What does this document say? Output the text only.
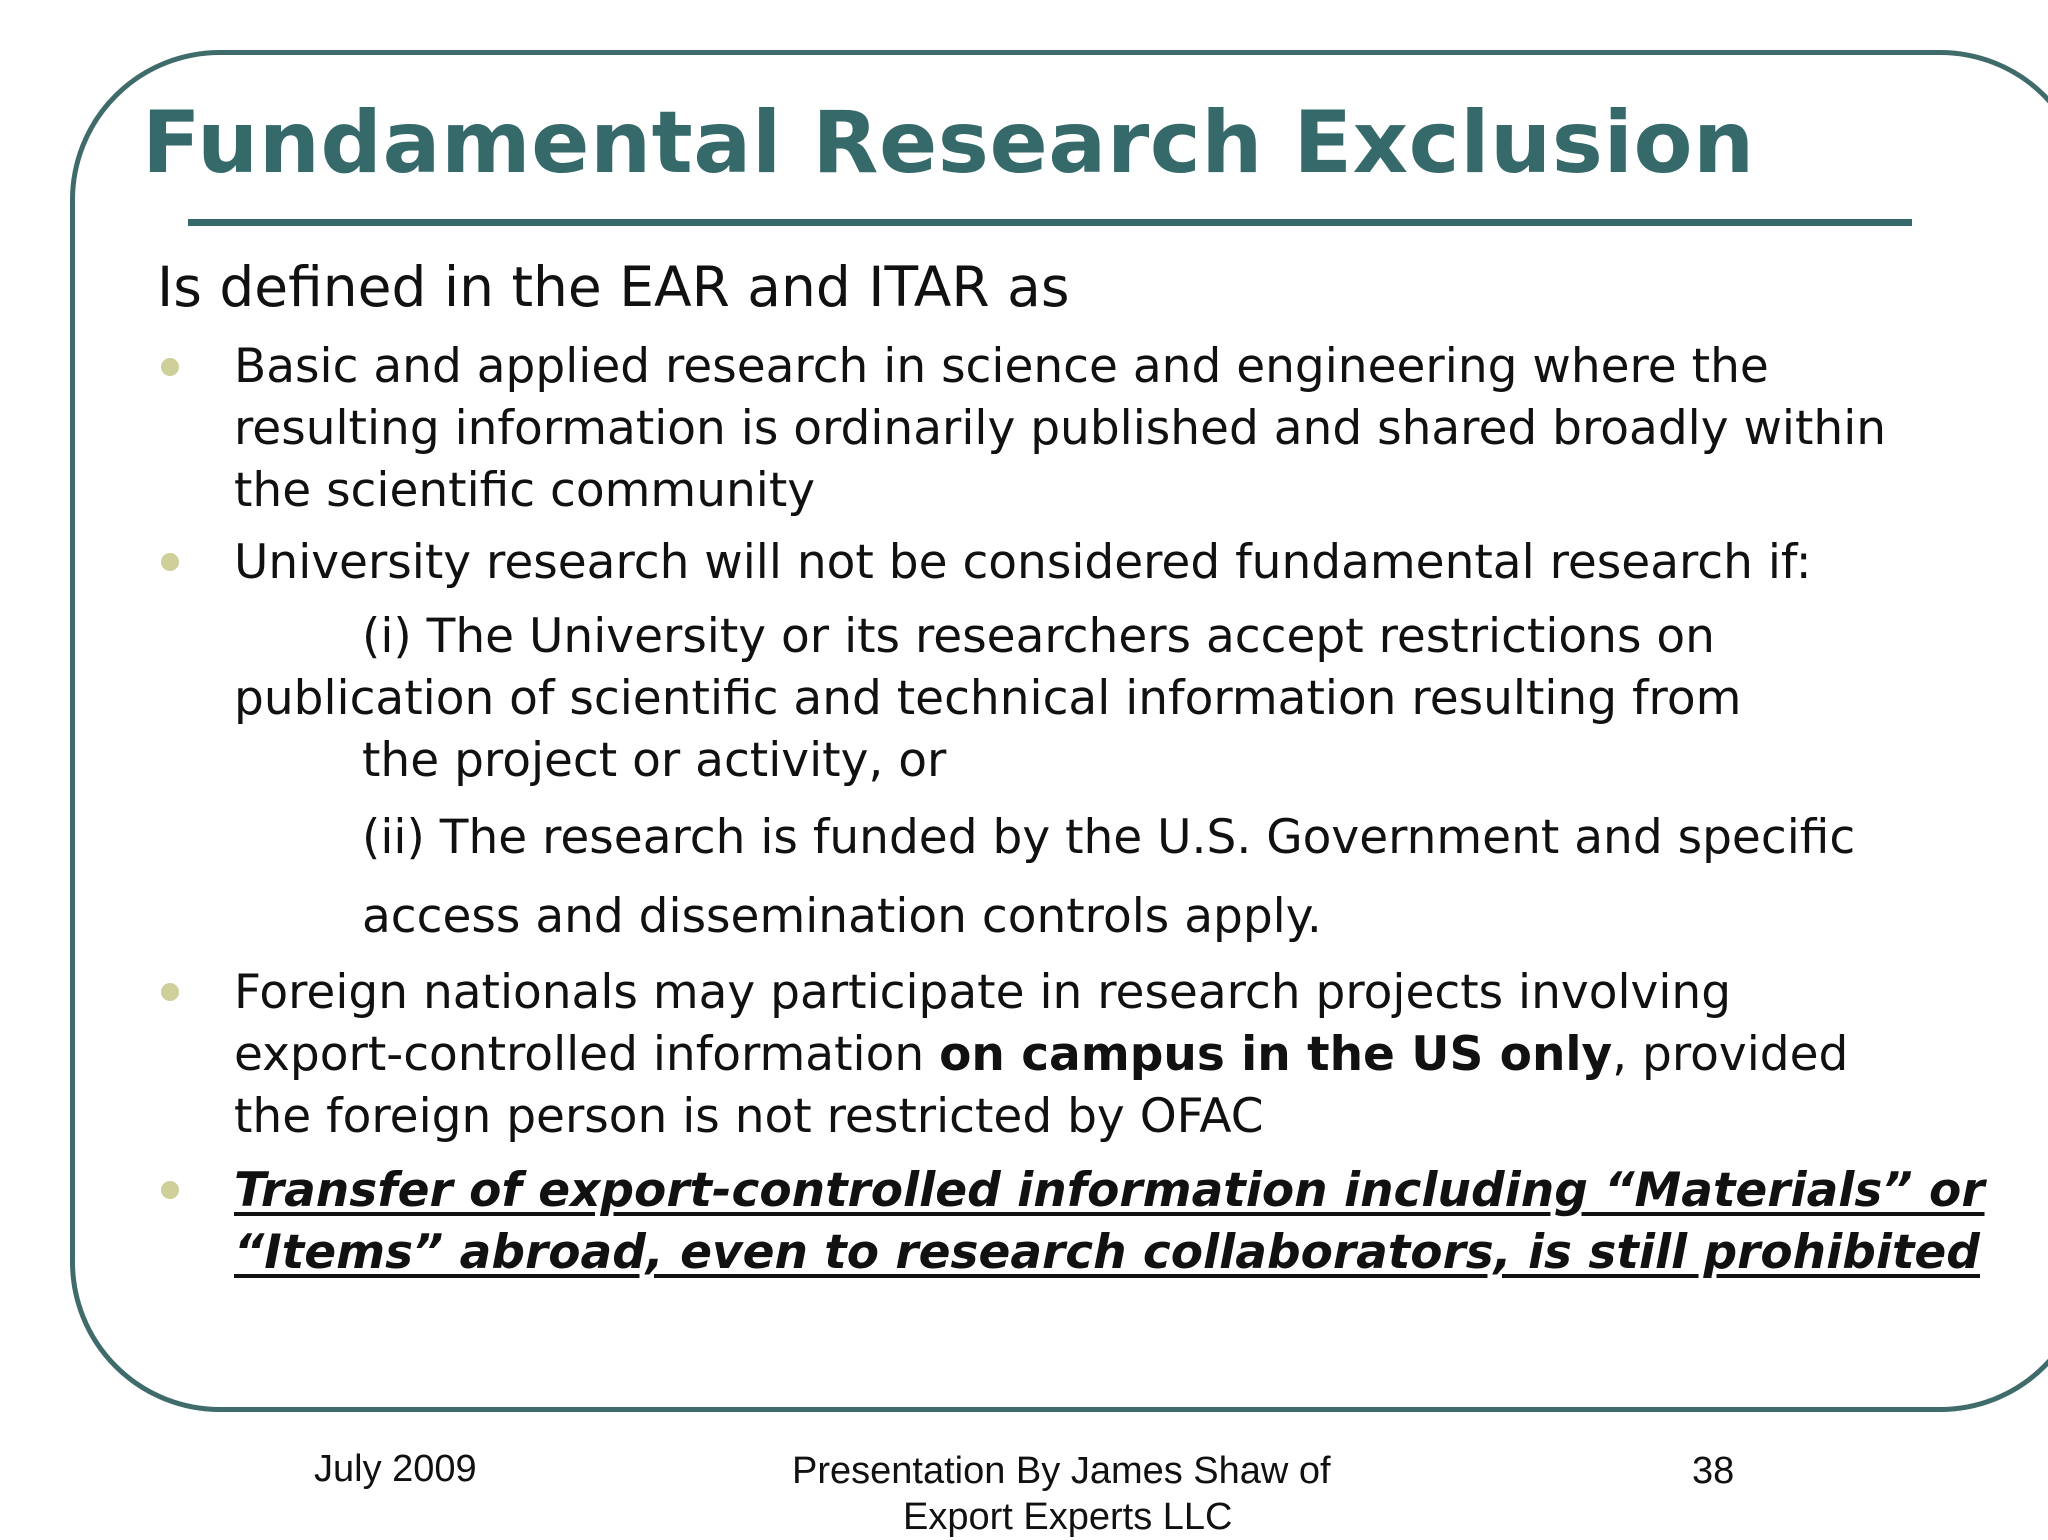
Fundamental Research Exclusion
Is defined in the EAR and ITAR as
Basic and applied research in science and engineering where the
resulting information is ordinarily published and shared broadly within
the scientific community
University research will not be considered fundamental research if:
(i) The University or its researchers accept restrictions on
publication of scientific and technical information resulting from
the project or activity, or
(ii) The research is funded by the U.S. Government and specific
access and dissemination controls apply.
Foreign nationals may participate in research projects involving
export-controlled information on campus in the US only, provided
the foreign person is not restricted by OFAC
Transfer of export-controlled information including “Materials” or
“Items” abroad, even to research collaborators, is still prohibited
July 2009	Presentation By James Shaw of
Export Experts LLC
38
